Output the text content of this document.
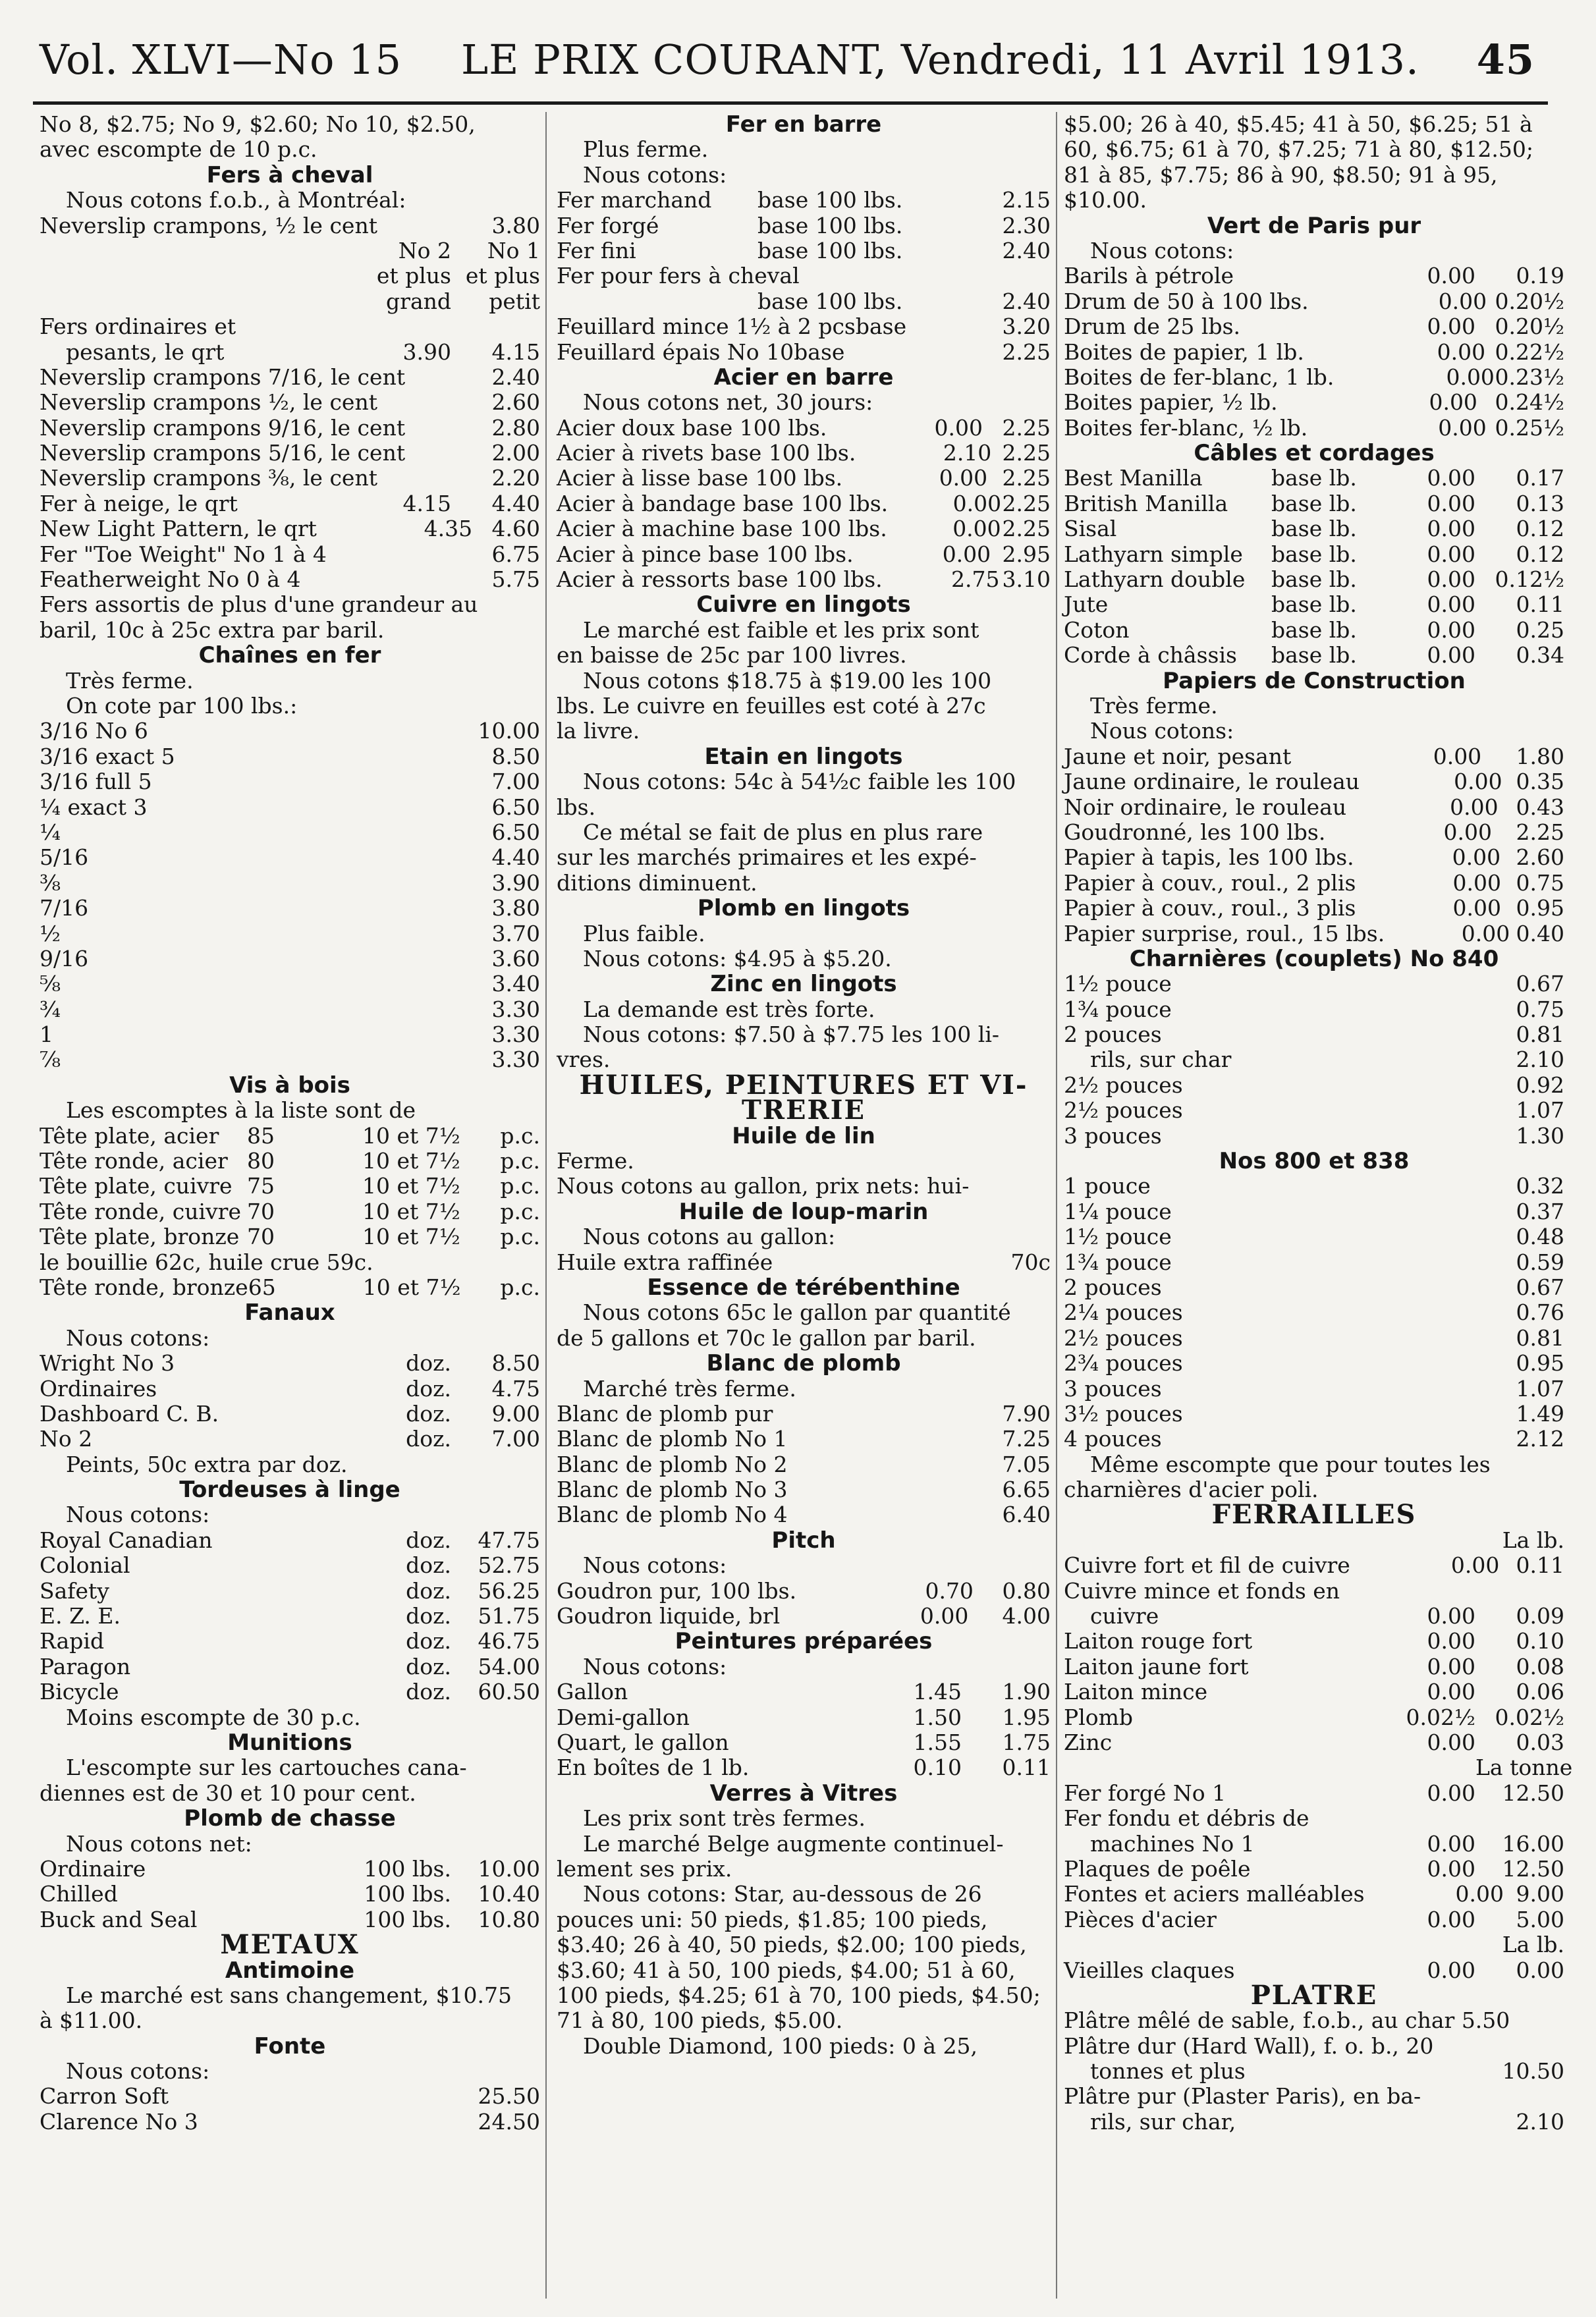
Vol. XLVI—No 15 LE PRIX COURANT, Vendredi, 11 Avril 1913. 45
No 8, $2.75; No 9, $2.60; No 10, $2.50,
avec escompte de 10 p.c.
Fers à cheval
Nous cotons f.o.b., à Montréal:
Neverslip crampons, ½ le cent	3.80
No 2	No 1
et plus et plus
grand	petit
Fers ordinaires et
pesants, le qrt	3.90	4.15
Neverslip crampons 7/16, le cent	2.40
Neverslip crampons ½, le cent	2.60
Neverslip crampons 9/16, le cent	2.80
Neverslip crampons 5/16, le cent	2.00
Neverslip crampons ⅜, le cent	2.20
Fer à neige, le qrt	4.15	4.40
New Light Pattern, le qrt	4.35 4.60
Fer "Toe Weight" No 1 à 4	6.75
Featherweight No 0 à 4	5.75
Fers assortis de plus d'une grandeur au
baril, 10c à 25c extra par baril.
Chaînes en fer
Très ferme.
On cote par 100 lbs.:
3/16 No 6	10.00
3/16 exact 5	8.50
3/16 full 5	7.00
¼ exact 3	6.50
¼	6.50
5/16	4.40
⅜	3.90
7/16	3.80
½	3.70
9/16	3.60
⅝	3.40
¾	3.30
1	3.30
⅞	3.30
Vis à bois
Les escomptes à la liste sont de
Tête plate, acier	85	10 et 7½	p.c.
Tête ronde, acier 80	10 et 7½	p.c.
Tête plate, cuivre 75	10 et 7½	p.c.
Tête ronde, cuivre 70	10 et 7½	p.c.
Tête plate, bronze 70	10 et 7½	p.c.
le bouillie 62c, huile crue 59c.
Tête ronde, bronze 65	10 et 7½	p.c.
Fanaux
Nous cotons:
Wright No 3	doz.	8.50
Ordinaires	doz.	4.75
Dashboard C. B.	doz.	9.00
No 2	doz.	7.00
Peints, 50c extra par doz.
Tordeuses à linge
Nous cotons:
Royal Canadian	doz.	47.75
Colonial	doz.	52.75
Safety	doz.	56.25
E. Z. E.	doz.	51.75
Rapid	doz.	46.75
Paragon	doz.	54.00
Bicycle	doz.	60.50
Moins escompte de 30 p.c.
Munitions
L'escompte sur les cartouches cana-
diennes est de 30 et 10 pour cent.
Plomb de chasse
Nous cotons net:
Ordinaire	100 lbs.	10.00
Chilled	100 lbs.	10.40
Buck and Seal	100 lbs.	10.80
METAUX
Antimoine
Le marché est sans changement, $10.75
à $11.00.
Fonte
Nous cotons:
Carron Soft	25.50
Clarence No 3	24.50
Fer en barre
Plus ferme.
Nous cotons:
Fer marchand	base 100 lbs.	2.15
Fer forgé	base 100 lbs.	2.30
Fer fini	base 100 lbs.	2.40
Fer pour fers à cheval
base 100 lbs.	2.40
Feuillard mince 1½ à 2 pcs base	3.20
Feuillard épais No 10 base	2.25
Acier en barre
Nous cotons net, 30 jours:
Acier doux base 100 lbs.	0.00 2.25
Acier à rivets base 100 lbs.	2.10 2.25
Acier à lisse base 100 lbs.	0.00 2.25
Acier à bandage base 100 lbs.	0.00 2.25
Acier à machine base 100 lbs.	0.00 2.25
Acier à pince base 100 lbs.	0.00 2.95
Acier à ressorts base 100 lbs.	2.75 3.10
Cuivre en lingots
Le marché est faible et les prix sont
en baisse de 25c par 100 livres.
Nous cotons $18.75 à $19.00 les 100
lbs. Le cuivre en feuilles est coté à 27c
la livre.
Etain en lingots
Nous cotons: 54c à 54½c faible les 100
lbs.
Ce métal se fait de plus en plus rare
sur les marchés primaires et les expé-
ditions diminuent.
Plomb en lingots
Plus faible.
Nous cotons: $4.95 à $5.20.
Zinc en lingots
La demande est très forte.
Nous cotons: $7.50 à $7.75 les 100 li-
vres.
HUILES, PEINTURES ET VI-
TRERIE
Huile de lin
Ferme.
Nous cotons au gallon, prix nets: hui-
Huile de loup-marin
Nous cotons au gallon:
Huile extra raffinée	70c
Essence de térébenthine
Nous cotons 65c le gallon par quantité
de 5 gallons et 70c le gallon par baril.
Blanc de plomb
Marché très ferme.
Blanc de plomb pur	7.90
Blanc de plomb No 1	7.25
Blanc de plomb No 2	7.05
Blanc de plomb No 3	6.65
Blanc de plomb No 4	6.40
Pitch
Nous cotons:
Goudron pur, 100 lbs.	0.70	0.80
Goudron liquide, brl	0.00	4.00
Peintures préparées
Nous cotons:
Gallon	1.45	1.90
Demi-gallon	1.50	1.95
Quart, le gallon	1.55	1.75
En boîtes de 1 lb.	0.10	0.11
Verres à Vitres
Les prix sont très fermes.
Le marché Belge augmente continuel-
lement ses prix.
Nous cotons: Star, au-dessous de 26
pouces uni: 50 pieds, $1.85; 100 pieds,
$3.40; 26 à 40, 50 pieds, $2.00; 100 pieds,
$3.60; 41 à 50, 100 pieds, $4.00; 51 à 60,
100 pieds, $4.25; 61 à 70, 100 pieds, $4.50;
71 à 80, 100 pieds, $5.00.
Double Diamond, 100 pieds: 0 à 25,
$5.00; 26 à 40, $5.45; 41 à 50, $6.25; 51 à
60, $6.75; 61 à 70, $7.25; 71 à 80, $12.50;
81 à 85, $7.75; 86 à 90, $8.50; 91 à 95,
$10.00.
Vert de Paris pur
Nous cotons:
Barils à pétrole	0.00	0.19
Drum de 50 à 100 lbs.	0.00 0.20½
Drum de 25 lbs.	0.00 0.20½
Boites de papier, 1 lb.	0.00 0.22½
Boites de fer-blanc, 1 lb.	0.00 0.23½
Boites papier, ½ lb.	0.00 0.24½
Boites fer-blanc, ½ lb.	0.00 0.25½
Câbles et cordages
Best Manilla	base lb.	0.00	0.17
British Manilla	base lb.	0.00	0.13
Sisal	base lb.	0.00	0.12
Lathyarn simple	base lb.	0.00	0.12
Lathyarn double	base lb.	0.00 0.12½
Jute	base lb.	0.00	0.11
Coton	base lb.	0.00	0.25
Corde à châssis	base lb.	0.00	0.34
Papiers de Construction
Très ferme.
Nous cotons:
Jaune et noir, pesant	0.00	1.80
Jaune ordinaire, le rouleau	0.00 0.35
Noir ordinaire, le rouleau	0.00 0.43
Goudronné, les 100 lbs.	0.00	2.25
Papier à tapis, les 100 lbs.	0.00 2.60
Papier à couv., roul., 2 plis	0.00 0.75
Papier à couv., roul., 3 plis	0.00 0.95
Papier surprise, roul., 15 lbs.	0.00 0.40
Charnières (couplets) No 840
1½ pouce	0.67
1¾ pouce	0.75
2 pouces	0.81
rils, sur char	2.10
2½ pouces	0.92
2½ pouces	1.07
3 pouces	1.30
Nos 800 et 838
1 pouce	0.32
1¼ pouce	0.37
1½ pouce	0.48
1¾ pouce	0.59
2 pouces	0.67
2¼ pouces	0.76
2½ pouces	0.81
2¾ pouces	0.95
3 pouces	1.07
3½ pouces	1.49
4 pouces	2.12
Même escompte que pour toutes les
charnières d'acier poli.
FERRAILLES
La lb.
Cuivre fort et fil de cuivre	0.00 0.11
Cuivre mince et fonds en
cuivre	0.00	0.09
Laiton rouge fort	0.00	0.10
Laiton jaune fort	0.00	0.08
Laiton mince	0.00	0.06
Plomb	0.02½ 0.02½
Zinc	0.00	0.03
La tonne
Fer forgé No 1	0.00	12.50
Fer fondu et débris de
machines No 1	0.00	16.00
Plaques de poêle	0.00	12.50
Fontes et aciers malléables	0.00 9.00
Pièces d'acier	0.00	5.00
La lb.
Vieilles claques	0.00	0.00
PLATRE
Plâtre mêlé de sable, f.o.b., au char 5.50
Plâtre dur (Hard Wall), f. o. b., 20
tonnes et plus	10.50
Plâtre pur (Plaster Paris), en ba-
rils, sur char,	2.10
